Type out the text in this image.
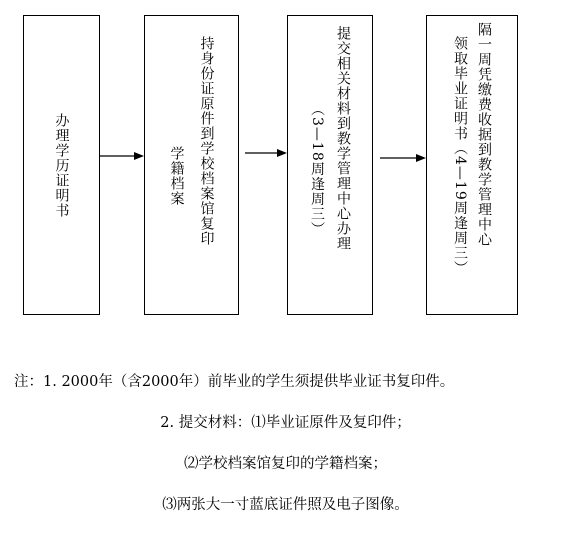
办理学历证明书	持身份证原件到学校档案馆复印
学籍档案	提交相关材料到教学管理中心办理
（3—18周逢周三）	隔一周凭缴费收据到教学管理中心
领取毕业证明书（4—19周逢周三）
注：1. 2000年（含2000年）前毕业的学生须提供毕业证书复印件。
2. 提交材料：⑴毕业证原件及复印件；
⑵学校档案馆复印的学籍档案；
⑶两张大一寸蓝底证件照及电子图像。
